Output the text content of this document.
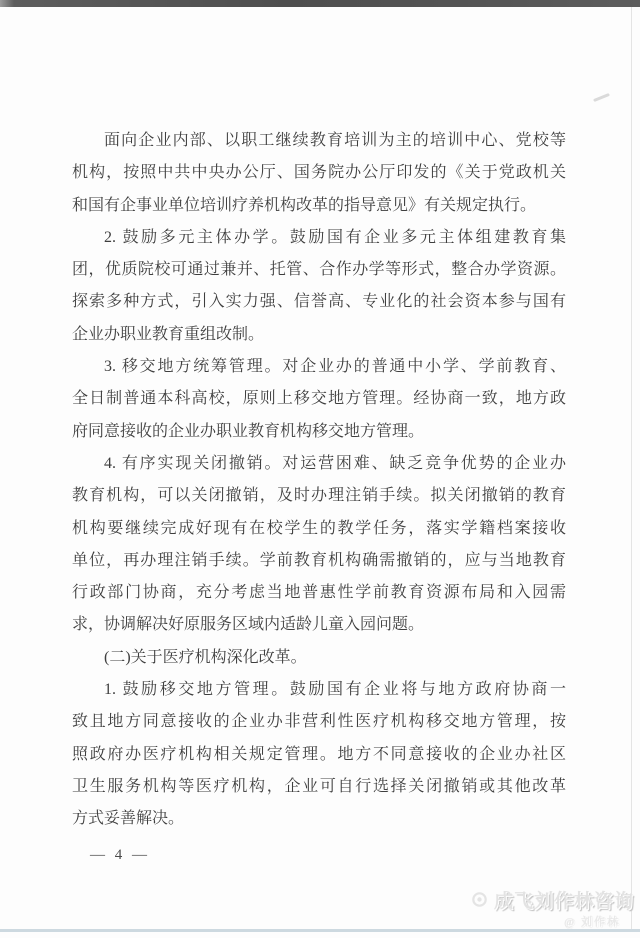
面向企业内部、以职工继续教育培训为主的培训中心、党校等
机构，按照中共中央办公厅、国务院办公厅印发的《关于党政机关
和国有企事业单位培训疗养机构改革的指导意见》有关规定执行。
2. 鼓励多元主体办学。鼓励国有企业多元主体组建教育集
团，优质院校可通过兼并、托管、合作办学等形式，整合办学资源。
探索多种方式，引入实力强、信誉高、专业化的社会资本参与国有
企业办职业教育重组改制。
3. 移交地方统筹管理。对企业办的普通中小学、学前教育、
全日制普通本科高校，原则上移交地方管理。经协商一致，地方政
府同意接收的企业办职业教育机构移交地方管理。
4. 有序实现关闭撤销。对运营困难、缺乏竞争优势的企业办
教育机构，可以关闭撤销，及时办理注销手续。拟关闭撤销的教育
机构要继续完成好现有在校学生的教学任务，落实学籍档案接收
单位，再办理注销手续。学前教育机构确需撤销的，应与当地教育
行政部门协商，充分考虑当地普惠性学前教育资源布局和入园需
求，协调解决好原服务区域内适龄儿童入园问题。
(二)关于医疗机构深化改革。
1. 鼓励移交地方管理。鼓励国有企业将与地方政府协商一
致且地方同意接收的企业办非营利性医疗机构移交地方管理，按
照政府办医疗机构相关规定管理。地方不同意接收的企业办社区
卫生服务机构等医疗机构，企业可自行选择关闭撤销或其他改革
方式妥善解决。
— 4 —
成飞刘作林咨询
@ 刘作林
